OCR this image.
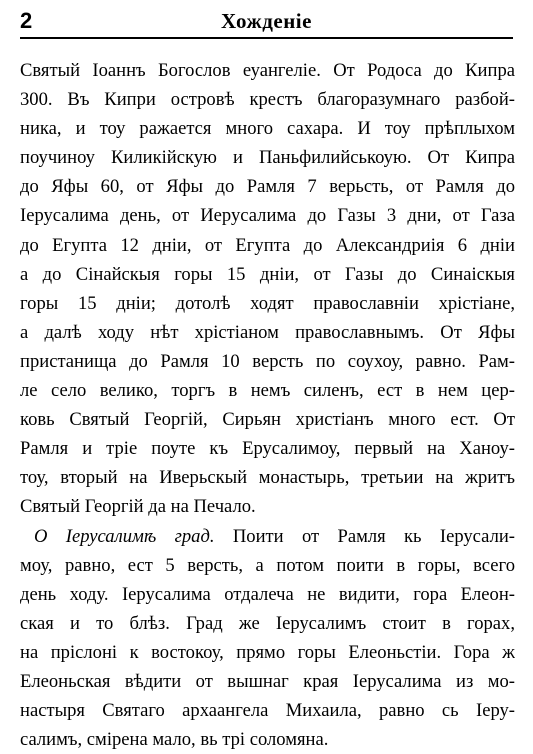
2	Хожденіе
Святый Іоаннъ Богослов еуангеліе. От Родоса до Кипра
300. Въ Кипри островѣ крестъ благоразумнаго разбой-
ника, и тоу ражается много сахара. И тоу прѣплыхом
поучиноу Киликійскую и Паньфилийськоую. От Кипра
до Яфы 60, от Яфы до Рамля 7 верьсть, от Рамля до
Іерусалима день, от Иерусалима до Газы 3 дни, от Газа
до Егупта 12 днiи, от Егупта до Александриія 6 днiи
а до Сінайскыя горы 15 днiи, от Газы до Синаіскыя
горы 15 днiи; дотолѣ ходят православніи хрістіане,
а далѣ ходу нѣт хрістіаном православнымъ. От Яфы
пристанища до Рамля 10 версть по соухоу, равно. Рам-
ле село велико, торгъ в немъ силенъ, ест в нем цер-
ковь Святый Георгій, Сирьян христіанъ много ест. От
Рамля и тріе поуте къ Ерусалимоу, первый на Ханоу-
тоу, вторый на Иверьскый монастырь, третьии на жритъ
Святый Георгій да на Печало.
О Іерусалимѣ град. Поити от Рамля кь Іерусали-
моу, равно, ест 5 версть, а потом поити в горы, всего
день ходу. Іерусалима отдалеча не видити, гора Елеон-
ская и то блѣз. Град же Іерусалимъ стоит в горах,
на пріслоні к востокоу, прямо горы Елеоньстіи. Гора ж
Елеоньская вѣдити от вышнаг края Іерусалима из мо-
настыря Святаго архаангела Михаила, равно сь Іеру-
салимъ, смірена мало, вь трі соломяна.
